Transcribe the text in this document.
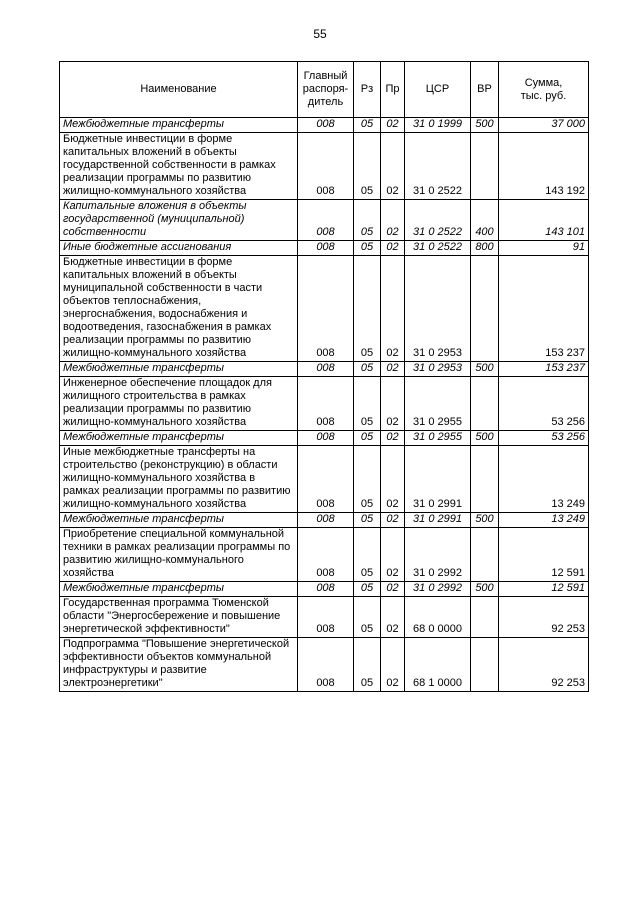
55
Наименование	Главный
распоря-
дитель	Рз	Пр	ЦСР	ВР	Сумма,
тыс. руб.
Межбюджетные трансферты	008	05	02	31 0 1999	500	37 000
Бюджетные инвестиции в форме капитальных вложений в объекты государственной собственности в рамках реализации программы по развитию жилищно-коммунального хозяйства	008	05	02	31 0 2522		143 192
Капитальные вложения в объекты государственной (муниципальной) собственности	008	05	02	31 0 2522	400	143 101
Иные бюджетные ассигнования	008	05	02	31 0 2522	800	91
Бюджетные инвестиции в форме капитальных вложений в объекты муниципальной собственности в части объектов теплоснабжения, энергоснабжения, водоснабжения и водоотведения, газоснабжения в рамках реализации программы по развитию жилищно-коммунального хозяйства	008	05	02	31 0 2953		153 237
Межбюджетные трансферты	008	05	02	31 0 2953	500	153 237
Инженерное обеспечение площадок для жилищного строительства в рамках реализации программы по развитию жилищно-коммунального хозяйства	008	05	02	31 0 2955		53 256
Межбюджетные трансферты	008	05	02	31 0 2955	500	53 256
Иные межбюджетные трансферты на строительство (реконструкцию) в области жилищно-коммунального хозяйства в рамках реализации программы по развитию жилищно-коммунального хозяйства	008	05	02	31 0 2991		13 249
Межбюджетные трансферты	008	05	02	31 0 2991	500	13 249
Приобретение специальной коммунальной техники в рамках реализации программы по развитию жилищно-коммунального хозяйства	008	05	02	31 0 2992		12 591
Межбюджетные трансферты	008	05	02	31 0 2992	500	12 591
Государственная программа Тюменской области "Энергосбережение и повышение энергетической эффективности"	008	05	02	68 0 0000		92 253
Подпрограмма "Повышение энергетической эффективности объектов коммунальной инфраструктуры и развитие электроэнергетики"	008	05	02	68 1 0000		92 253
